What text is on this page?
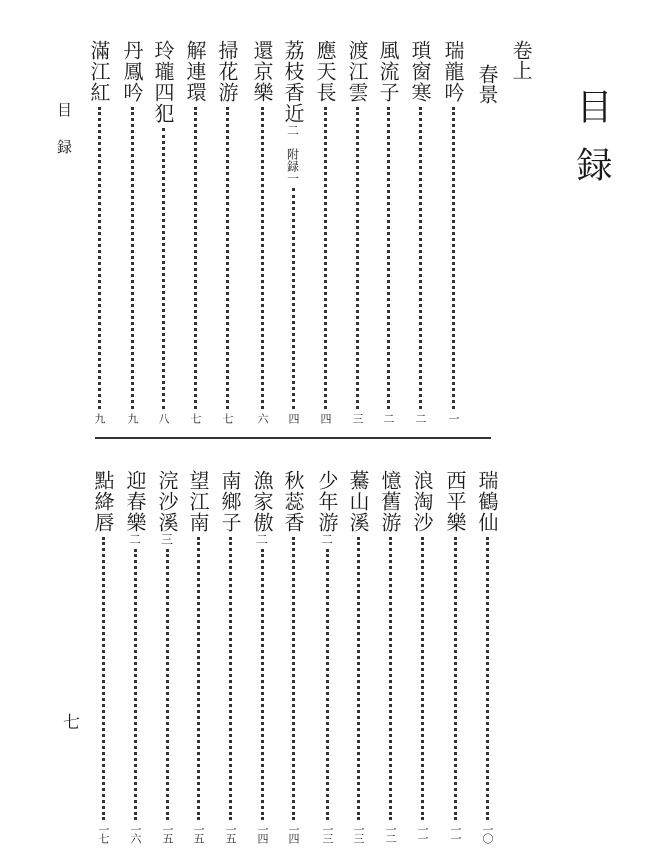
目録
卷上
春景
目録
七
瑞龍吟
一
瑣窗寒
二
風流子
二
渡江雲
三
應天長
四
荔枝香近
二　附録一
四
還京樂
六
掃花游
七
解連環
七
玲瓏四犯
八
丹鳳吟
九
滿江紅
九
瑞鶴仙
一〇
西平樂
一一
浪淘沙
一一
憶舊游
一二
驀山溪
一三
少年游
二
一三
秋蕊香
一四
漁家傲
二
一四
南鄉子
一五
望江南
一五
浣沙溪
三
一五
迎春樂
二
一六
點絳唇
一七
